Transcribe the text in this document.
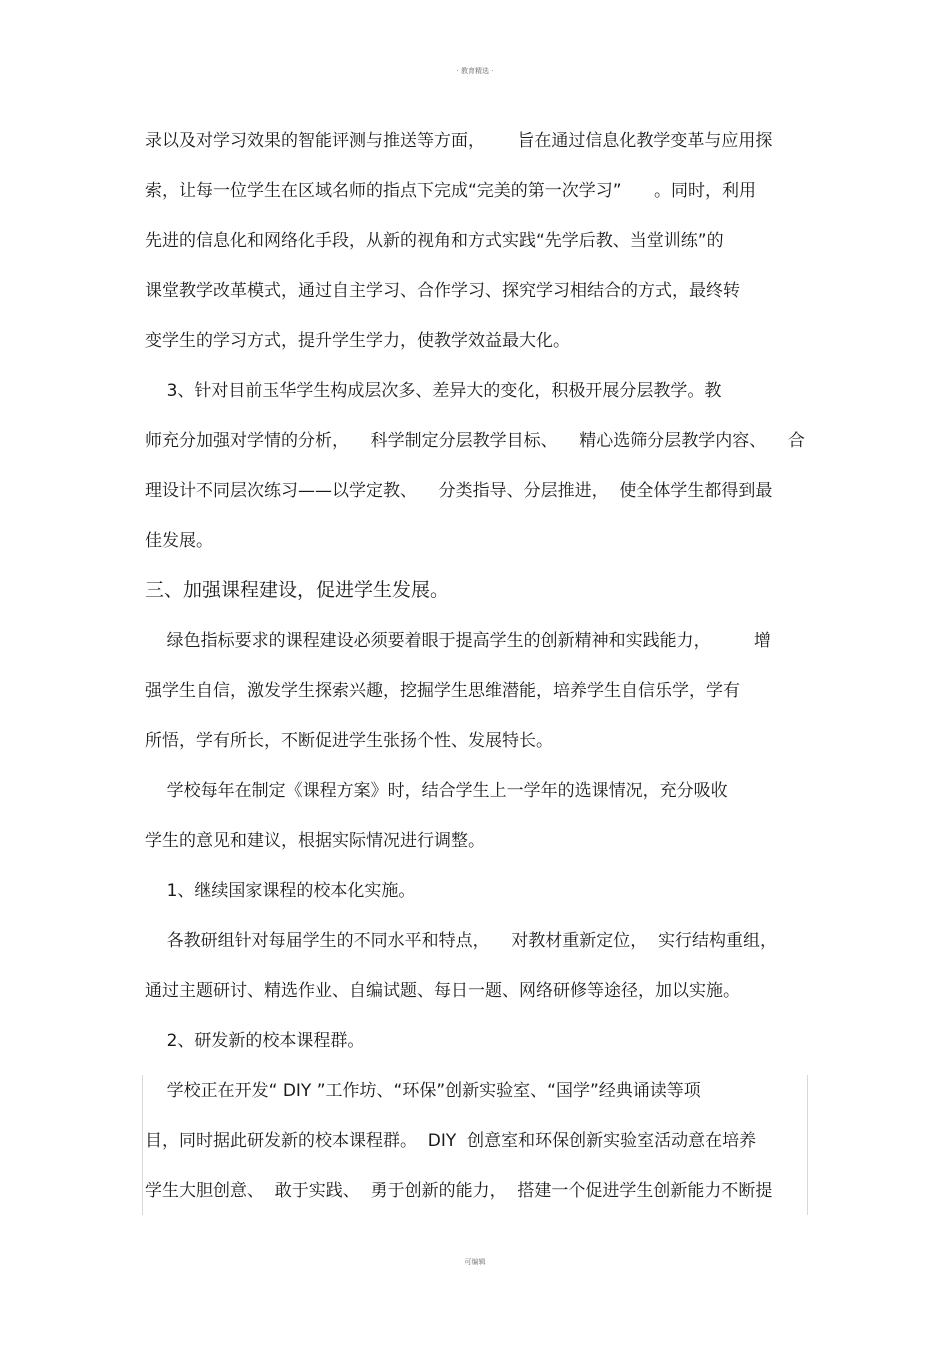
· 教育精选 ·
录以及对学习效果的智能评测与推送等方面，      旨在通过信息化教学变革与应用探
索，让每一位学生在区域名师的指点下完成“完美的第一次学习”      。同时，利用
先进的信息化和网络化手段，从新的视角和方式实践“先学后教、当堂训练”的
课堂教学改革模式，通过自主学习、合作学习、探究学习相结合的方式，最终转
变学生的学习方式，提升学生学力，使教学效益最大化。
3、针对目前玉华学生构成层次多、差异大的变化，积极开展分层教学。教
师充分加强对学情的分析，    科学制定分层教学目标、    精心选筛分层教学内容、    合
理设计不同层次练习——以学定教、    分类指导、分层推进，  使全体学生都得到最
佳发展。
三、加强课程建设，促进学生发展。
绿色指标要求的课程建设必须要着眼于提高学生的创新精神和实践能力，        增
强学生自信，激发学生探索兴趣，挖掘学生思维潜能，培养学生自信乐学，学有
所悟，学有所长，不断促进学生张扬个性、发展特长。
学校每年在制定《课程方案》时，结合学生上一学年的选课情况，充分吸收
学生的意见和建议，根据实际情况进行调整。
1、继续国家课程的校本化实施。
各教研组针对每届学生的不同水平和特点，    对教材重新定位，  实行结构重组，
通过主题研讨、精选作业、自编试题、每日一题、网络研修等途径，加以实施。
2、研发新的校本课程群。
学校正在开发“ DIY ”工作坊、“环保”创新实验室、“国学”经典诵读等项
目，同时据此研发新的校本课程群。  DIY  创意室和环保创新实验室活动意在培养
学生大胆创意、  敢于实践、  勇于创新的能力，  搭建一个促进学生创新能力不断提
可编辑
